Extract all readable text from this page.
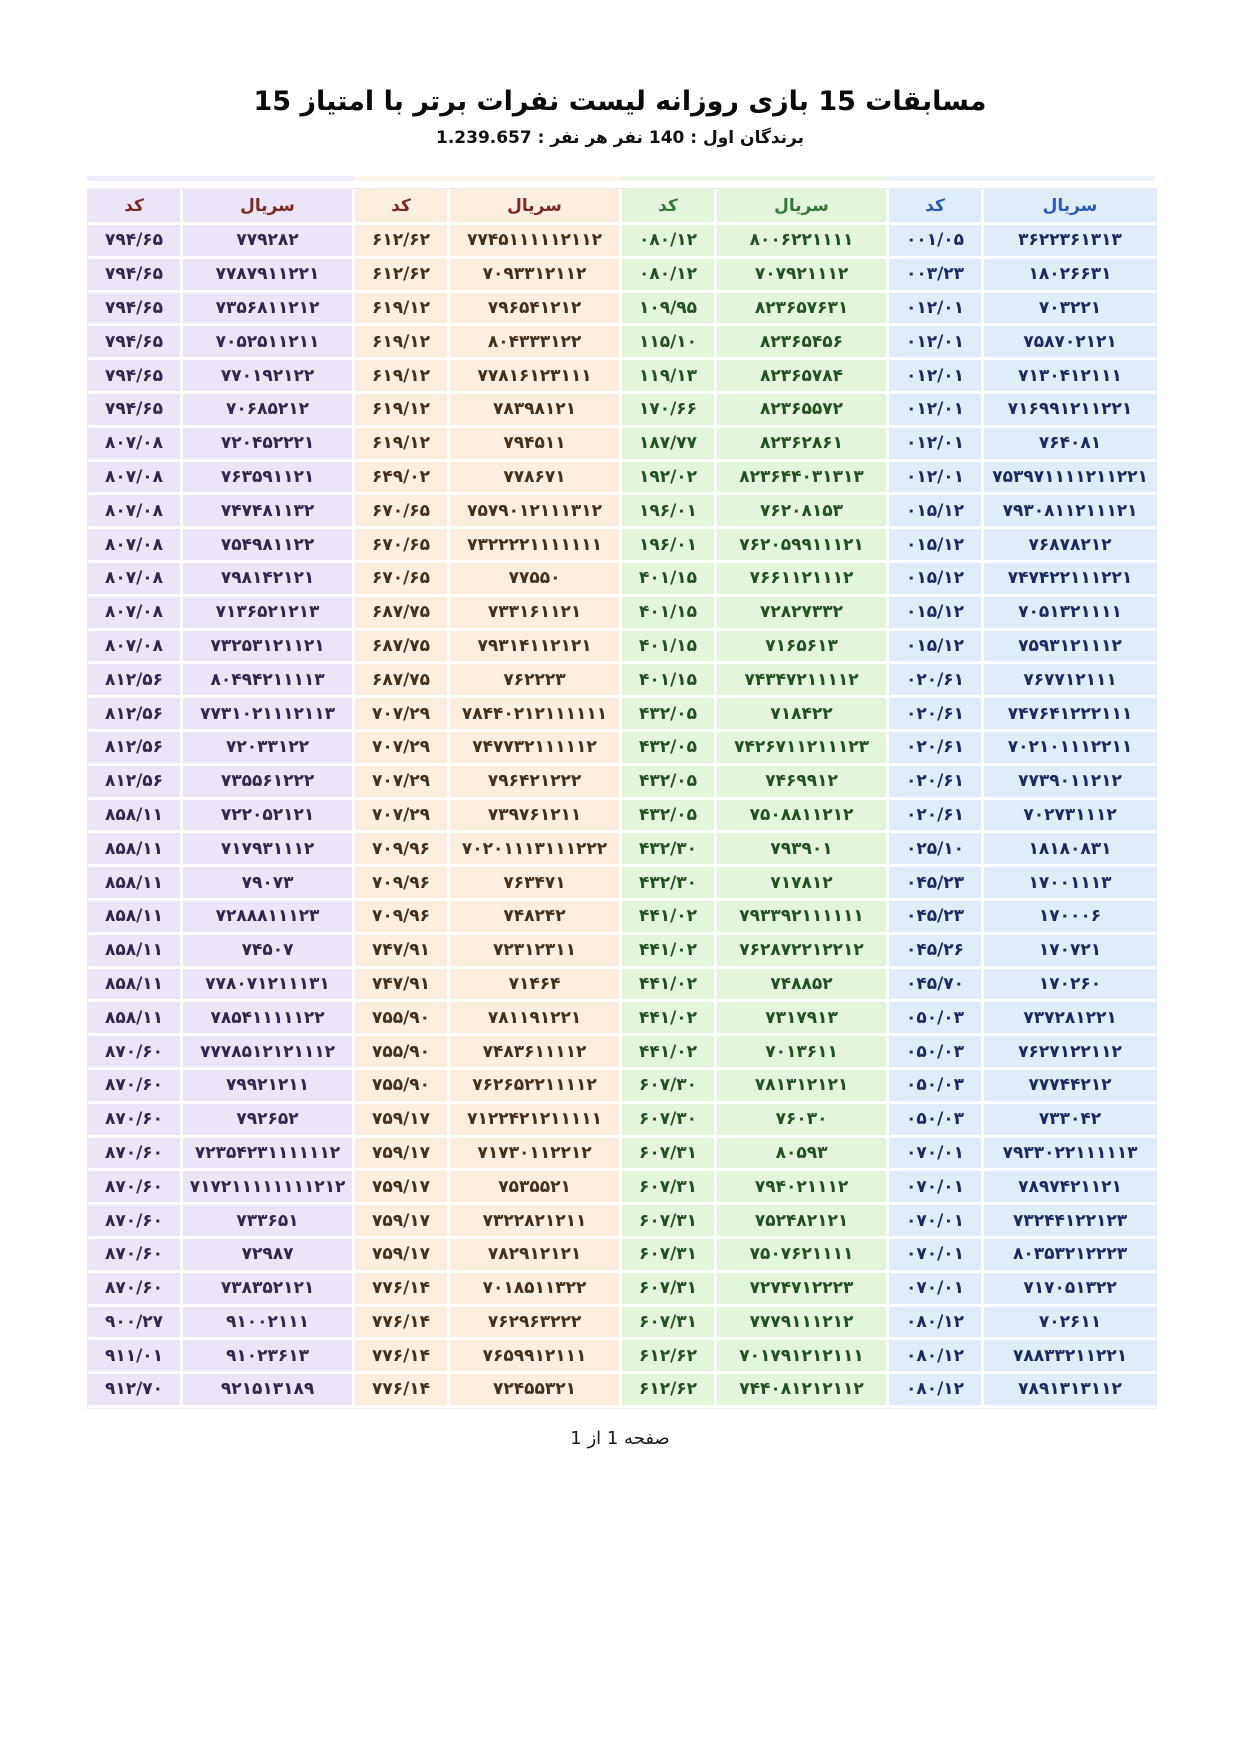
مسابقات 15 بازی روزانه لیست نفرات برتر با امتیاز 15
برندگان اول : 140 نفر هر نفر : 1.239.657
کد	سریال	کد	سریال	کد	سریال	کد	سریال
۷۹۴/۶۵	۷۷۹۲۸۲	۶۱۲/۶۲	۷۷۴۵۱۱۱۱۱۲۱۱۲	۰۸۰/۱۲	۸۰۰۶۲۲۱۱۱۱	۰۰۱/۰۵	۳۶۲۲۳۶۱۳۱۳
۷۹۴/۶۵	۷۷۸۷۹۱۱۲۲۱	۶۱۲/۶۲	۷۰۹۳۳۱۲۱۱۲	۰۸۰/۱۲	۷۰۷۹۲۱۱۱۲	۰۰۳/۲۳	۱۸۰۲۶۶۳۱
۷۹۴/۶۵	۷۳۵۶۸۱۱۲۱۲	۶۱۹/۱۲	۷۹۶۵۴۱۲۱۲	۱۰۹/۹۵	۸۲۳۶۵۷۶۳۱	۰۱۲/۰۱	۷۰۳۲۲۱
۷۹۴/۶۵	۷۰۵۲۵۱۱۲۱۱	۶۱۹/۱۲	۸۰۴۳۳۳۱۲۲	۱۱۵/۱۰	۸۲۳۶۵۴۵۶	۰۱۲/۰۱	۷۵۸۷۰۲۱۲۱
۷۹۴/۶۵	۷۷۰۱۹۲۱۲۲	۶۱۹/۱۲	۷۷۸۱۶۱۲۳۱۱۱	۱۱۹/۱۳	۸۲۳۶۵۷۸۴	۰۱۲/۰۱	۷۱۳۰۴۱۲۱۱۱
۷۹۴/۶۵	۷۰۶۸۵۲۱۲	۶۱۹/۱۲	۷۸۳۹۸۱۲۱	۱۷۰/۶۶	۸۲۳۶۵۵۷۲	۰۱۲/۰۱	۷۱۶۹۹۱۲۱۱۲۲۱
۸۰۷/۰۸	۷۲۰۴۵۲۲۲۱	۶۱۹/۱۲	۷۹۴۵۱۱	۱۸۷/۷۷	۸۲۳۶۲۸۶۱	۰۱۲/۰۱	۷۶۴۰۸۱
۸۰۷/۰۸	۷۶۳۵۹۱۱۲۱	۶۴۹/۰۲	۷۷۸۶۷۱	۱۹۲/۰۲	۸۲۳۶۴۴۰۳۱۳۱۳	۰۱۲/۰۱	۷۵۳۹۷۱۱۱۱۲۱۱۲۲۱
۸۰۷/۰۸	۷۴۷۴۸۱۱۳۲	۶۷۰/۶۵	۷۵۷۹۰۱۲۱۱۱۳۱۲	۱۹۶/۰۱	۷۶۲۰۸۱۵۳	۰۱۵/۱۲	۷۹۳۰۸۱۱۲۱۱۱۲۱
۸۰۷/۰۸	۷۵۴۹۸۱۱۲۲	۶۷۰/۶۵	۷۳۲۲۲۲۱۱۱۱۱۱۱	۱۹۶/۰۱	۷۶۲۰۵۹۹۱۱۱۲۱	۰۱۵/۱۲	۷۶۸۷۸۲۱۲
۸۰۷/۰۸	۷۹۸۱۴۲۱۲۱	۶۷۰/۶۵	۷۷۵۵۰	۴۰۱/۱۵	۷۶۶۱۱۲۱۱۱۲	۰۱۵/۱۲	۷۴۷۴۲۲۱۱۱۲۲۱
۸۰۷/۰۸	۷۱۳۶۵۲۱۲۱۳	۶۸۷/۷۵	۷۳۳۱۶۱۱۲۱	۴۰۱/۱۵	۷۲۸۲۷۳۳۲	۰۱۵/۱۲	۷۰۵۱۳۲۱۱۱۱
۸۰۷/۰۸	۷۳۲۵۳۱۲۱۱۲۱	۶۸۷/۷۵	۷۹۳۱۴۱۱۲۱۲۱	۴۰۱/۱۵	۷۱۶۵۶۱۳	۰۱۵/۱۲	۷۵۹۳۱۲۱۱۱۲
۸۱۲/۵۶	۸۰۴۹۴۲۱۱۱۱۳	۶۸۷/۷۵	۷۶۲۲۲۳	۴۰۱/۱۵	۷۴۳۴۷۲۱۱۱۱۲	۰۲۰/۶۱	۷۶۷۷۱۲۱۱۱
۸۱۲/۵۶	۷۷۳۱۰۲۱۱۱۲۱۱۳	۷۰۷/۲۹	۷۸۴۴۰۲۱۲۱۱۱۱۱۱	۴۳۲/۰۵	۷۱۸۴۲۲	۰۲۰/۶۱	۷۴۷۶۴۱۲۲۲۱۱۱
۸۱۲/۵۶	۷۲۰۳۳۱۲۲	۷۰۷/۲۹	۷۴۷۷۳۲۱۱۱۱۱۲	۴۳۲/۰۵	۷۴۲۶۷۱۱۲۱۱۱۲۳	۰۲۰/۶۱	۷۰۲۱۰۱۱۱۲۲۱۱
۸۱۲/۵۶	۷۳۵۵۶۱۲۲۲	۷۰۷/۲۹	۷۹۶۴۲۱۲۲۲	۴۳۲/۰۵	۷۴۶۹۹۱۲	۰۲۰/۶۱	۷۷۳۹۰۱۱۲۱۲
۸۵۸/۱۱	۷۲۲۰۵۲۱۲۱	۷۰۷/۲۹	۷۳۹۷۶۱۲۱۱	۴۳۲/۰۵	۷۵۰۸۸۱۱۲۱۲	۰۲۰/۶۱	۷۰۲۷۳۱۱۱۲
۸۵۸/۱۱	۷۱۷۹۳۱۱۱۲	۷۰۹/۹۶	۷۰۲۰۱۱۱۳۱۱۱۲۲۲	۴۳۲/۳۰	۷۹۳۹۰۱	۰۲۵/۱۰	۱۸۱۸۰۸۳۱
۸۵۸/۱۱	۷۹۰۷۳	۷۰۹/۹۶	۷۶۳۴۷۱	۴۳۲/۳۰	۷۱۷۸۱۲	۰۴۵/۲۳	۱۷۰۰۱۱۱۳
۸۵۸/۱۱	۷۲۸۸۸۱۱۱۲۳	۷۰۹/۹۶	۷۴۸۲۴۲	۴۴۱/۰۲	۷۹۳۳۹۲۱۱۱۱۱۱	۰۴۵/۲۳	۱۷۰۰۰۶
۸۵۸/۱۱	۷۴۵۰۷	۷۴۷/۹۱	۷۲۳۱۲۳۱۱	۴۴۱/۰۲	۷۶۲۸۷۲۲۱۲۲۱۲	۰۴۵/۲۶	۱۷۰۷۲۱
۸۵۸/۱۱	۷۷۸۰۷۱۲۱۱۱۳۱	۷۴۷/۹۱	۷۱۴۶۴	۴۴۱/۰۲	۷۴۸۸۵۲	۰۴۵/۷۰	۱۷۰۲۶۰
۸۵۸/۱۱	۷۸۵۴۱۱۱۱۱۲۲	۷۵۵/۹۰	۷۸۱۱۹۱۲۲۱	۴۴۱/۰۲	۷۳۱۷۹۱۳	۰۵۰/۰۳	۷۳۷۲۸۱۲۲۱
۸۷۰/۶۰	۷۷۷۸۵۱۲۱۲۱۱۱۲	۷۵۵/۹۰	۷۴۸۳۶۱۱۱۱۲	۴۴۱/۰۲	۷۰۱۳۶۱۱	۰۵۰/۰۳	۷۶۲۷۱۲۲۱۱۲
۸۷۰/۶۰	۷۹۹۲۱۲۱۱	۷۵۵/۹۰	۷۶۲۶۵۲۲۱۱۱۱۲	۶۰۷/۳۰	۷۸۱۳۱۲۱۲۱	۰۵۰/۰۳	۷۷۷۴۴۲۱۲
۸۷۰/۶۰	۷۹۲۶۵۲	۷۵۹/۱۷	۷۱۲۲۴۲۱۲۱۱۱۱۱	۶۰۷/۳۰	۷۶۰۳۰	۰۵۰/۰۳	۷۳۳۰۴۲
۸۷۰/۶۰	۷۲۳۵۴۲۳۱۱۱۱۱۱۲	۷۵۹/۱۷	۷۱۷۳۰۱۱۲۲۱۲	۶۰۷/۳۱	۸۰۵۹۳	۰۷۰/۰۱	۷۹۳۳۰۲۲۱۱۱۱۱۳
۸۷۰/۶۰	۷۱۷۲۱۱۱۱۱۱۱۱۲۱۲	۷۵۹/۱۷	۷۵۳۵۵۲۱	۶۰۷/۳۱	۷۹۴۰۲۱۱۱۲	۰۷۰/۰۱	۷۸۹۷۴۲۱۱۲۱
۸۷۰/۶۰	۷۳۳۶۵۱	۷۵۹/۱۷	۷۳۲۲۸۲۱۲۱۱	۶۰۷/۳۱	۷۵۲۴۸۲۱۲۱	۰۷۰/۰۱	۷۳۲۴۴۱۲۲۱۲۳
۸۷۰/۶۰	۷۲۹۸۷	۷۵۹/۱۷	۷۸۲۹۱۲۱۲۱	۶۰۷/۳۱	۷۵۰۷۶۲۱۱۱۱	۰۷۰/۰۱	۸۰۳۵۳۲۱۲۲۲۳
۸۷۰/۶۰	۷۳۸۳۵۲۱۲۱	۷۷۶/۱۴	۷۰۱۸۵۱۱۳۲۲	۶۰۷/۳۱	۷۲۷۴۷۱۲۲۲۳	۰۷۰/۰۱	۷۱۷۰۵۱۳۲۲
۹۰۰/۲۷	۹۱۰۰۲۱۱۱	۷۷۶/۱۴	۷۶۲۹۶۳۲۲۲	۶۰۷/۳۱	۷۷۷۹۱۱۱۲۱۲	۰۸۰/۱۲	۷۰۲۶۱۱
۹۱۱/۰۱	۹۱۰۲۳۶۱۳	۷۷۶/۱۴	۷۶۵۹۹۱۲۱۱۱	۶۱۲/۶۲	۷۰۱۷۹۱۲۱۲۱۱۱	۰۸۰/۱۲	۷۸۸۳۳۲۱۱۲۲۱
۹۱۲/۷۰	۹۲۱۵۱۳۱۸۹	۷۷۶/۱۴	۷۲۴۵۵۳۲۱	۶۱۲/۶۲	۷۴۴۰۸۱۲۱۲۱۱۲	۰۸۰/۱۲	۷۸۹۱۳۱۳۱۱۲
صفحه 1 از 1
